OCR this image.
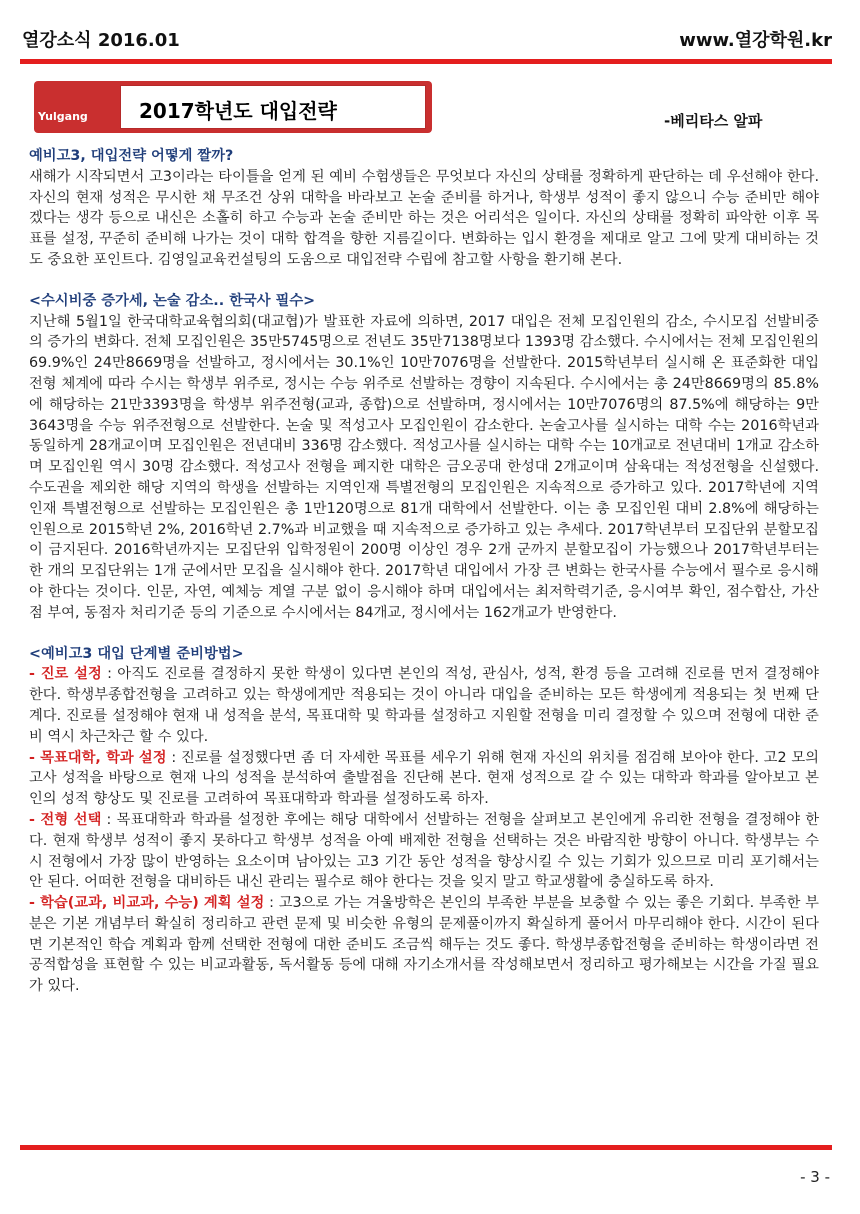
열강소식 2016.01	www.열강학원.kr
Yulgang	2017학년도 대입전략	-베리타스 알파
예비고3, 대입전략 어떻게 짤까?

새해가 시작되면서 고3이라는 타이틀을 얻게 된 예비 수험생들은 무엇보다 자신의 상태를 정확하게 판단하는 데 우선해야 한다. 자신의 현재 성적은 무시한 채 무조건 상위 대학을 바라보고 논술 준비를 하거나, 학생부 성적이 좋지 않으니 수능 준비만 해야겠다는 생각 등으로 내신은 소홀히 하고 수능과 논술 준비만 하는 것은 어리석은 일이다. 자신의 상태를 정확히 파악한 이후 목표를 설정, 꾸준히 준비해 나가는 것이 대학 합격을 향한 지름길이다. 변화하는 입시 환경을 제대로 알고 그에 맞게 대비하는 것도 중요한 포인트다. 김영일교육컨설팅의 도움으로 대입전략 수립에 참고할 사항을 환기해 본다.

<수시비중 증가세, 논술 감소.. 한국사 필수>

지난해 5월1일 한국대학교육협의회(대교협)가 발표한 자료에 의하면, 2017 대입은 전체 모집인원의 감소, 수시모집 선발비중의 증가의 변화다. 전체 모집인원은 35만5745명으로 전년도 35만7138명보다 1393명 감소했다. 수시에서는 전체 모집인원의 69.9%인 24만8669명을 선발하고, 정시에서는 30.1%인 10만7076명을 선발한다. 2015학년부터 실시해 온 표준화한 대입전형 체계에 따라 수시는 학생부 위주로, 정시는 수능 위주로 선발하는 경향이 지속된다. 수시에서는 총 24만8669명의 85.8%에 해당하는 21만3393명을 학생부 위주전형(교과, 종합)으로 선발하며, 정시에서는 10만7076명의 87.5%에 해당하는 9만3643명을 수능 위주전형으로 선발한다. 논술 및 적성고사 모집인원이 감소한다. 논술고사를 실시하는 대학 수는 2016학년과 동일하게 28개교이며 모집인원은 전년대비 336명 감소했다. 적성고사를 실시하는 대학 수는 10개교로 전년대비 1개교 감소하며 모집인원 역시 30명 감소했다. 적성고사 전형을 폐지한 대학은 금오공대 한성대 2개교이며 삼육대는 적성전형을 신설했다. 수도권을 제외한 해당 지역의 학생을 선발하는 지역인재 특별전형의 모집인원은 지속적으로 증가하고 있다. 2017학년에 지역인재 특별전형으로 선발하는 모집인원은 총 1만120명으로 81개 대학에서 선발한다. 이는 총 모집인원 대비 2.8%에 해당하는 인원으로 2015학년 2%, 2016학년 2.7%과 비교했을 때 지속적으로 증가하고 있는 추세다. 2017학년부터 모집단위 분할모집이 금지된다. 2016학년까지는 모집단위 입학정원이 200명 이상인 경우 2개 군까지 분할모집이 가능했으나 2017학년부터는 한 개의 모집단위는 1개 군에서만 모집을 실시해야 한다. 2017학년 대입에서 가장 큰 변화는 한국사를 수능에서 필수로 응시해야 한다는 것이다. 인문, 자연, 예체능 계열 구분 없이 응시해야 하며 대입에서는 최저학력기준, 응시여부 확인, 점수합산, 가산점 부여, 동점자 처리기준 등의 기준으로 수시에서는 84개교, 정시에서는 162개교가 반영한다.

<예비고3 대입 단계별 준비방법>

- 진로 설정 : 아직도 진로를 결정하지 못한 학생이 있다면 본인의 적성, 관심사, 성적, 환경 등을 고려해 진로를 먼저 결정해야 한다. 학생부종합전형을 고려하고 있는 학생에게만 적용되는 것이 아니라 대입을 준비하는 모든 학생에게 적용되는 첫 번째 단계다. 진로를 설정해야 현재 내 성적을 분석, 목표대학 및 학과를 설정하고 지원할 전형을 미리 결정할 수 있으며 전형에 대한 준비 역시 차근차근 할 수 있다.

- 목표대학, 학과 설정 : 진로를 설정했다면 좀 더 자세한 목표를 세우기 위해 현재 자신의 위치를 점검해 보아야 한다. 고2 모의고사 성적을 바탕으로 현재 나의 성적을 분석하여 출발점을 진단해 본다. 현재 성적으로 갈 수 있는 대학과 학과를 알아보고 본인의 성적 향상도 및 진로를 고려하여 목표대학과 학과를 설정하도록 하자.

- 전형 선택 : 목표대학과 학과를 설정한 후에는 해당 대학에서 선발하는 전형을 살펴보고 본인에게 유리한 전형을 결정해야 한다. 현재 학생부 성적이 좋지 못하다고 학생부 성적을 아예 배제한 전형을 선택하는 것은 바람직한 방향이 아니다. 학생부는 수시 전형에서 가장 많이 반영하는 요소이며 남아있는 고3 기간 동안 성적을 향상시킬 수 있는 기회가 있으므로 미리 포기해서는 안 된다. 어떠한 전형을 대비하든 내신 관리는 필수로 해야 한다는 것을 잊지 말고 학교생활에 충실하도록 하자.

- 학습(교과, 비교과, 수능) 계획 설정 : 고3으로 가는 겨울방학은 본인의 부족한 부분을 보충할 수 있는 좋은 기회다. 부족한 부분은 기본 개념부터 확실히 정리하고 관련 문제 및 비슷한 유형의 문제풀이까지 확실하게 풀어서 마무리해야 한다. 시간이 된다면 기본적인 학습 계획과 함께 선택한 전형에 대한 준비도 조금씩 해두는 것도 좋다. 학생부종합전형을 준비하는 학생이라면 전공적합성을 표현할 수 있는 비교과활동, 독서활동 등에 대해 자기소개서를 작성해보면서 정리하고 평가해보는 시간을 가질 필요가 있다.

- 3 -
